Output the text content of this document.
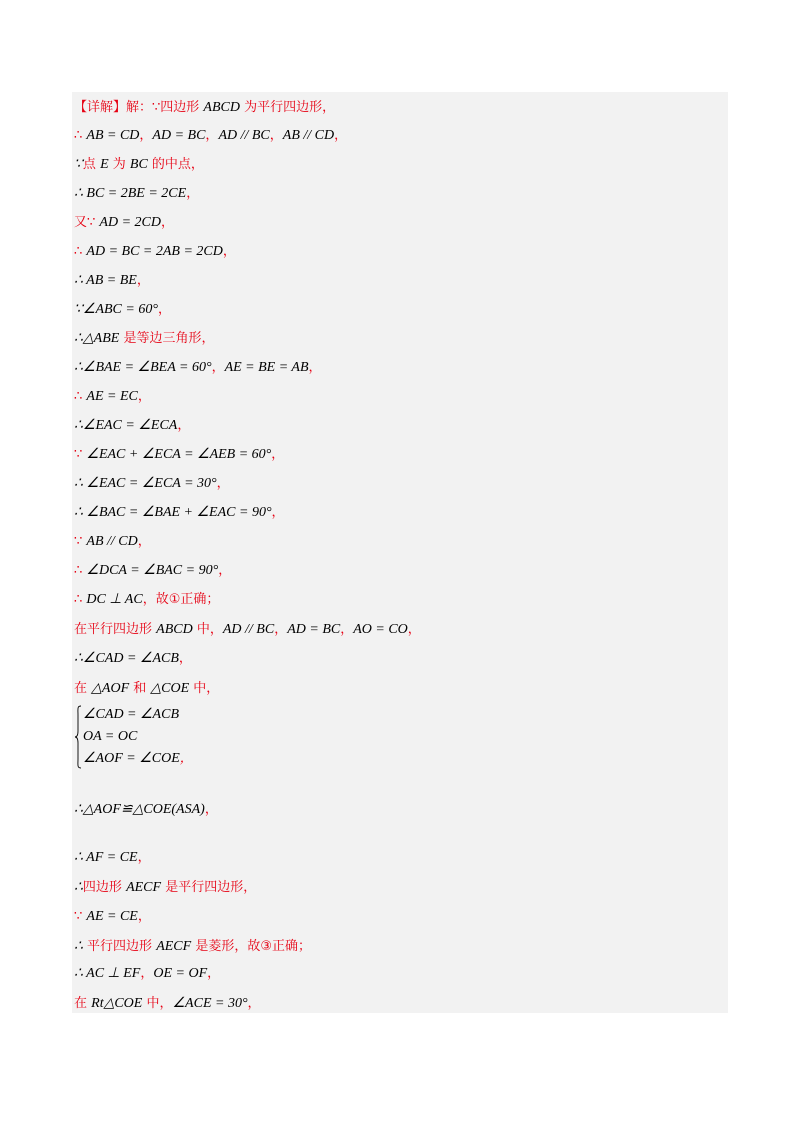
【详解】解：∵四边形 ABCD 为平行四边形，
∴ AB = CD，AD = BC，AD // BC，AB // CD，
∵点 E 为 BC 的中点，
∴ BC = 2BE = 2CE，
又∵ AD = 2CD，
∴ AD = BC = 2AB = 2CD，
∴ AB = BE，
∵∠ABC = 60°，
∴△ABE 是等边三角形，
∴∠BAE = ∠BEA = 60°，AE = BE = AB，
∴ AE = EC，
∴∠EAC = ∠ECA，
∵ ∠EAC + ∠ECA = ∠AEB = 60°，
∴ ∠EAC = ∠ECA = 30°，
∴ ∠BAC = ∠BAE + ∠EAC = 90°，
∵ AB // CD，
∴ ∠DCA = ∠BAC = 90°，
∴ DC ⊥ AC，故①正确；
在平行四边形 ABCD 中，AD // BC，AD = BC，AO = CO，
∴∠CAD = ∠ACB，
在 △AOF 和 △COE 中，
∠CAD = ∠ACB
OA = OC
∠AOF = ∠COE，
∴△AOF≌△COE(ASA)，
∴ AF = CE，
∴四边形 AECF 是平行四边形，
∵ AE = CE，
∴ 平行四边形 AECF 是菱形，故③正确；
∴ AC ⊥ EF，OE = OF，
在 Rt△COE 中，∠ACE = 30°，
